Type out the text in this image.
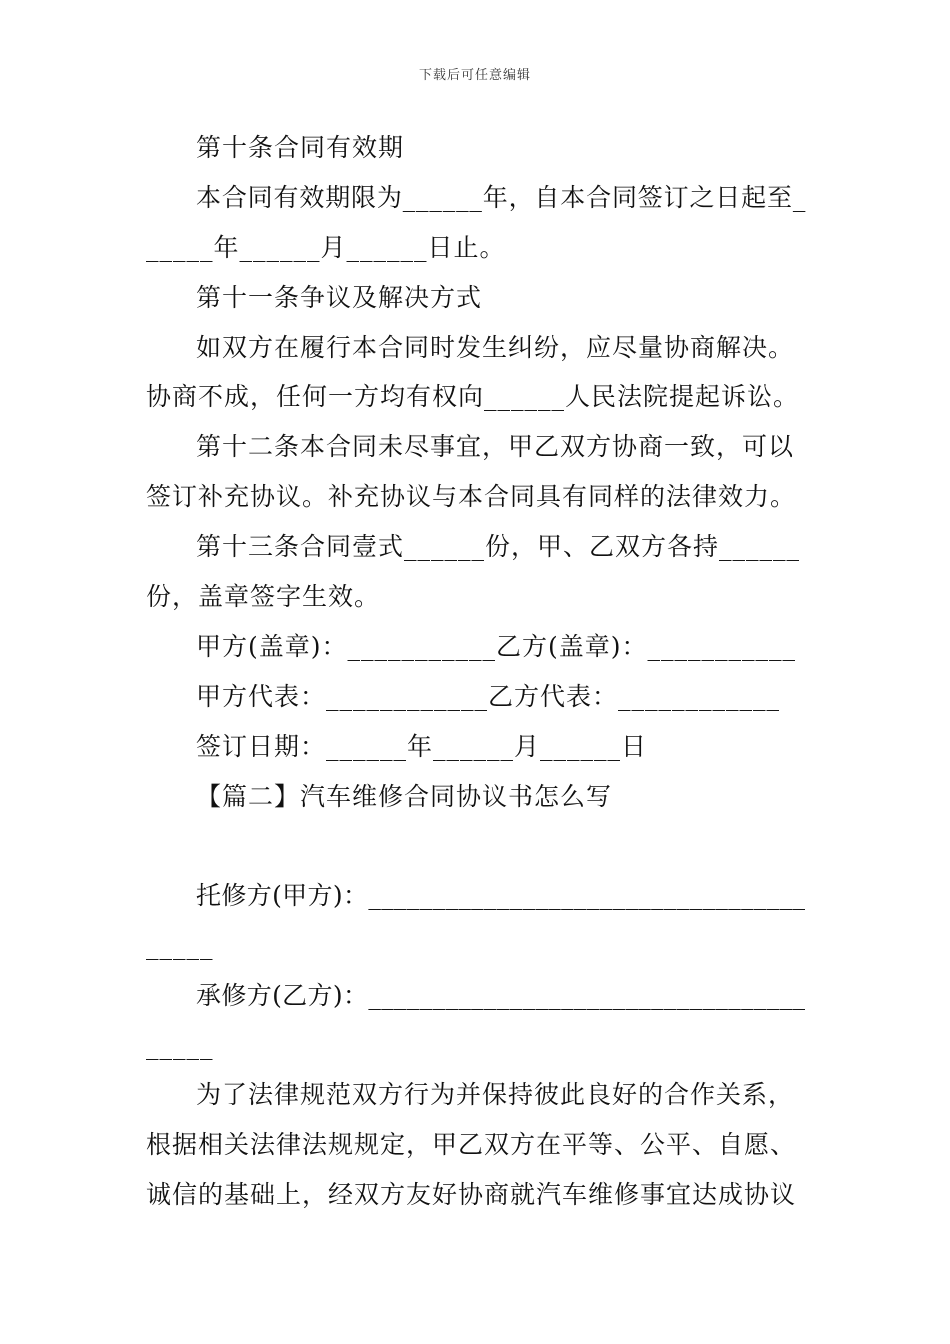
下载后可任意编辑
第十条合同有效期
本合同有效期限为______年，自本合同签订之日起至_
_____年______月______日止。
第十一条争议及解决方式
如双方在履行本合同时发生纠纷，应尽量协商解决。
协商不成，任何一方均有权向______人民法院提起诉讼。
第十二条本合同未尽事宜，甲乙双方协商一致，可以
签订补充协议。补充协议与本合同具有同样的法律效力。
第十三条合同壹式______份，甲、乙双方各持______
份，盖章签字生效。
甲方(盖章)：___________乙方(盖章)：___________
甲方代表：____________乙方代表：____________
签订日期：______年______月______日
【篇二】汽车维修合同协议书怎么写
托修方(甲方)：__________________________________
_____
承修方(乙方)：__________________________________
_____
为了法律规范双方行为并保持彼此良好的合作关系，
根据相关法律法规规定，甲乙双方在平等、公平、自愿、
诚信的基础上，经双方友好协商就汽车维修事宜达成协议
